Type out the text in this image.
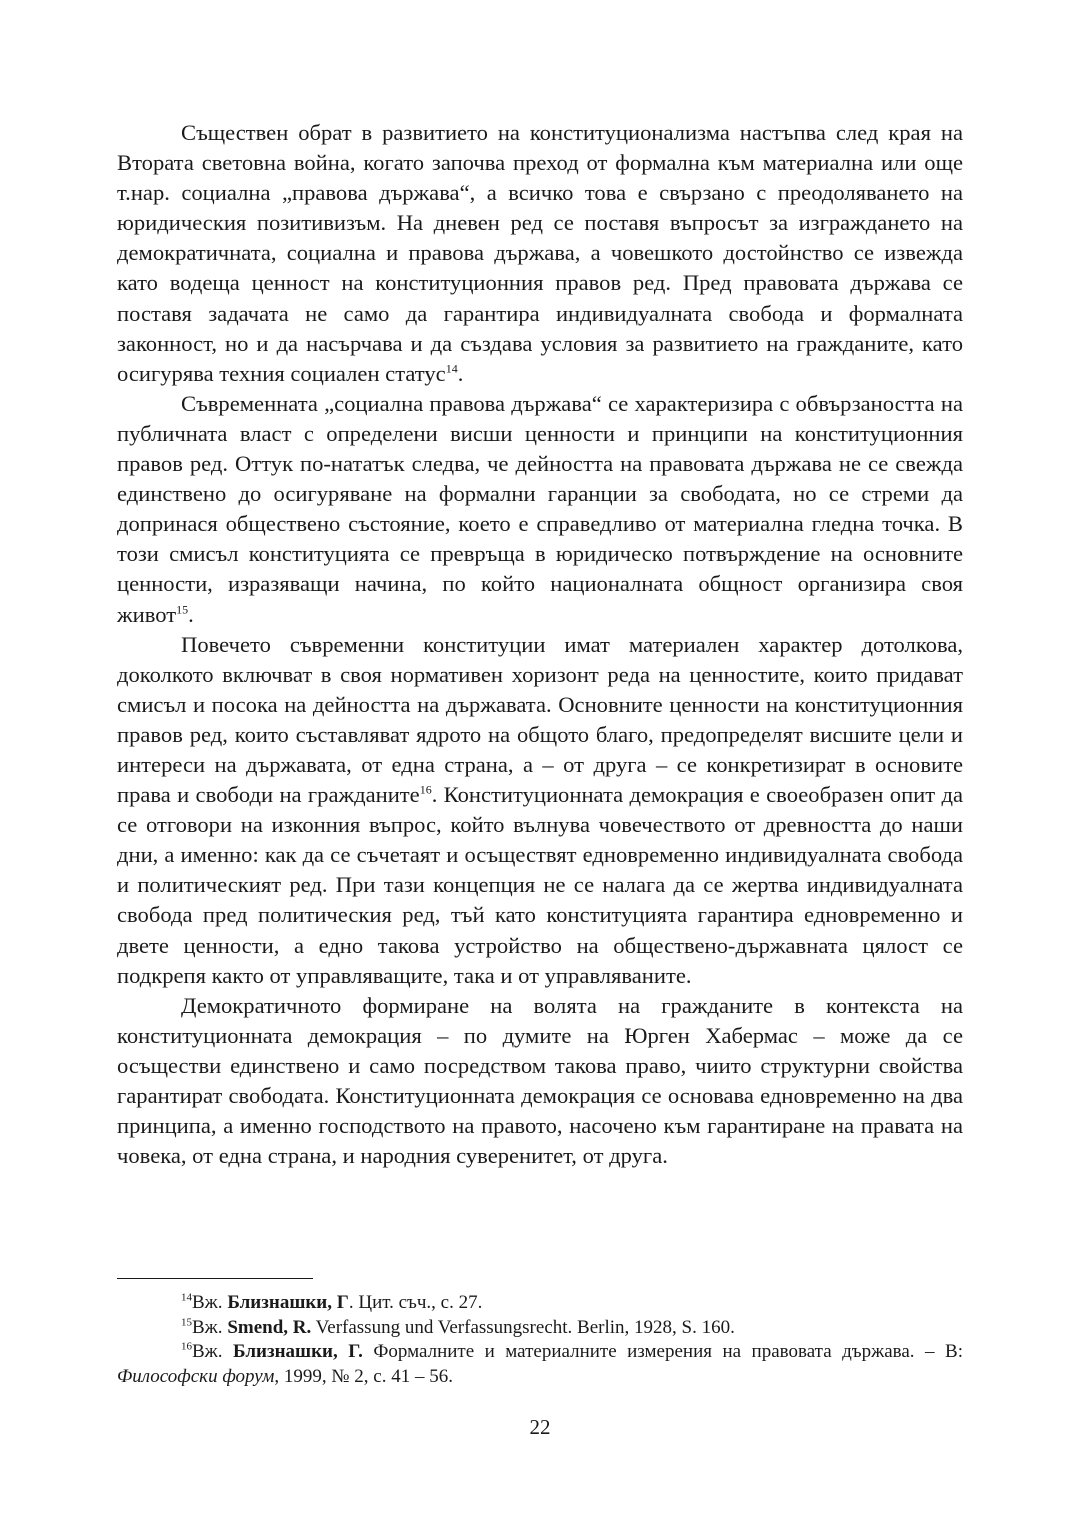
Съществен обрат в развитието на конституционализма настъпва след края на Втората световна война, когато започва преход от формална към материална или още т.нар. социална „правова държава“, а всичко това е свързано с преодоляването на юридическия позитивизъм. На дневен ред се поставя въпросът за изграждането на демократичната, социална и правова държава, а човешкото достойнство се извежда като водеща ценност на конституционния правов ред. Пред правовата държава се поставя задачата не само да гарантира индивидуалната свобода и формалната законност, но и да насърчава и да създава условия за развитието на гражданите, като осигурява техния социален статус$^{14}$.

Съвременната „социална правова държава“ се характеризира с обвързаността на публичната власт с определени висши ценности и принципи на конституционния правов ред. Оттук по-нататък следва, че дейността на правовата държава не се свежда единствено до осигуряване на формални гаранции за свободата, но се стреми да допринася обществено състояние, което е справедливо от материална гледна точка. В този смисъл конституцията се превръща в юридическо потвърждение на основните ценности, изразяващи начина, по който националната общност организира своя живот$^{15}$.

Повечето съвременни конституции имат материален характер дотолкова, доколкото включват в своя нормативен хоризонт реда на ценностите, които придават смисъл и посока на дейността на държавата. Основните ценности на конституционния правов ред, които съставляват ядрото на общото благо, предопределят висшите цели и интереси на държавата, от една страна, а – от друга – се конкретизират в основите права и свободи на гражданите$^{16}$. Конституционната демокрация е своеобразен опит да се отговори на изконния въпрос, който вълнува човечеството от древността до наши дни, а именно: как да се съчетаят и осъществят едновременно индивидуалната свобода и политическият ред. При тази концепция не се налага да се жертва индивидуалната свобода пред политическия ред, тъй като конституцията гарантира едновременно и двете ценности, а едно такова устройство на обществено-държавната цялост се подкрепя както от управляващите, така и от управляваните.

Демократичното формиране на волята на гражданите в контекста на конституционната демокрация – по думите на Юрген Хабермас – може да се осъществи единствено и само посредством такова право, чиито структурни свойства гарантират свободата. Конституционната демокрация се основава едновременно на два принципа, а именно господството на правото, насочено към гарантиране на правата на човека, от една страна, и народния суверенитет, от друга.

$^{14}$Вж. Близнашки, Г. Цит. съч., с. 27.

$^{15}$Вж. Smend, R. Verfassung und Verfassungsrecht. Berlin, 1928, S. 160.

$^{16}$Вж. Близнашки, Г. Формалните и материалните измерения на правовата държава. – В: Философски форум, 1999, № 2, с. 41 – 56.

22
